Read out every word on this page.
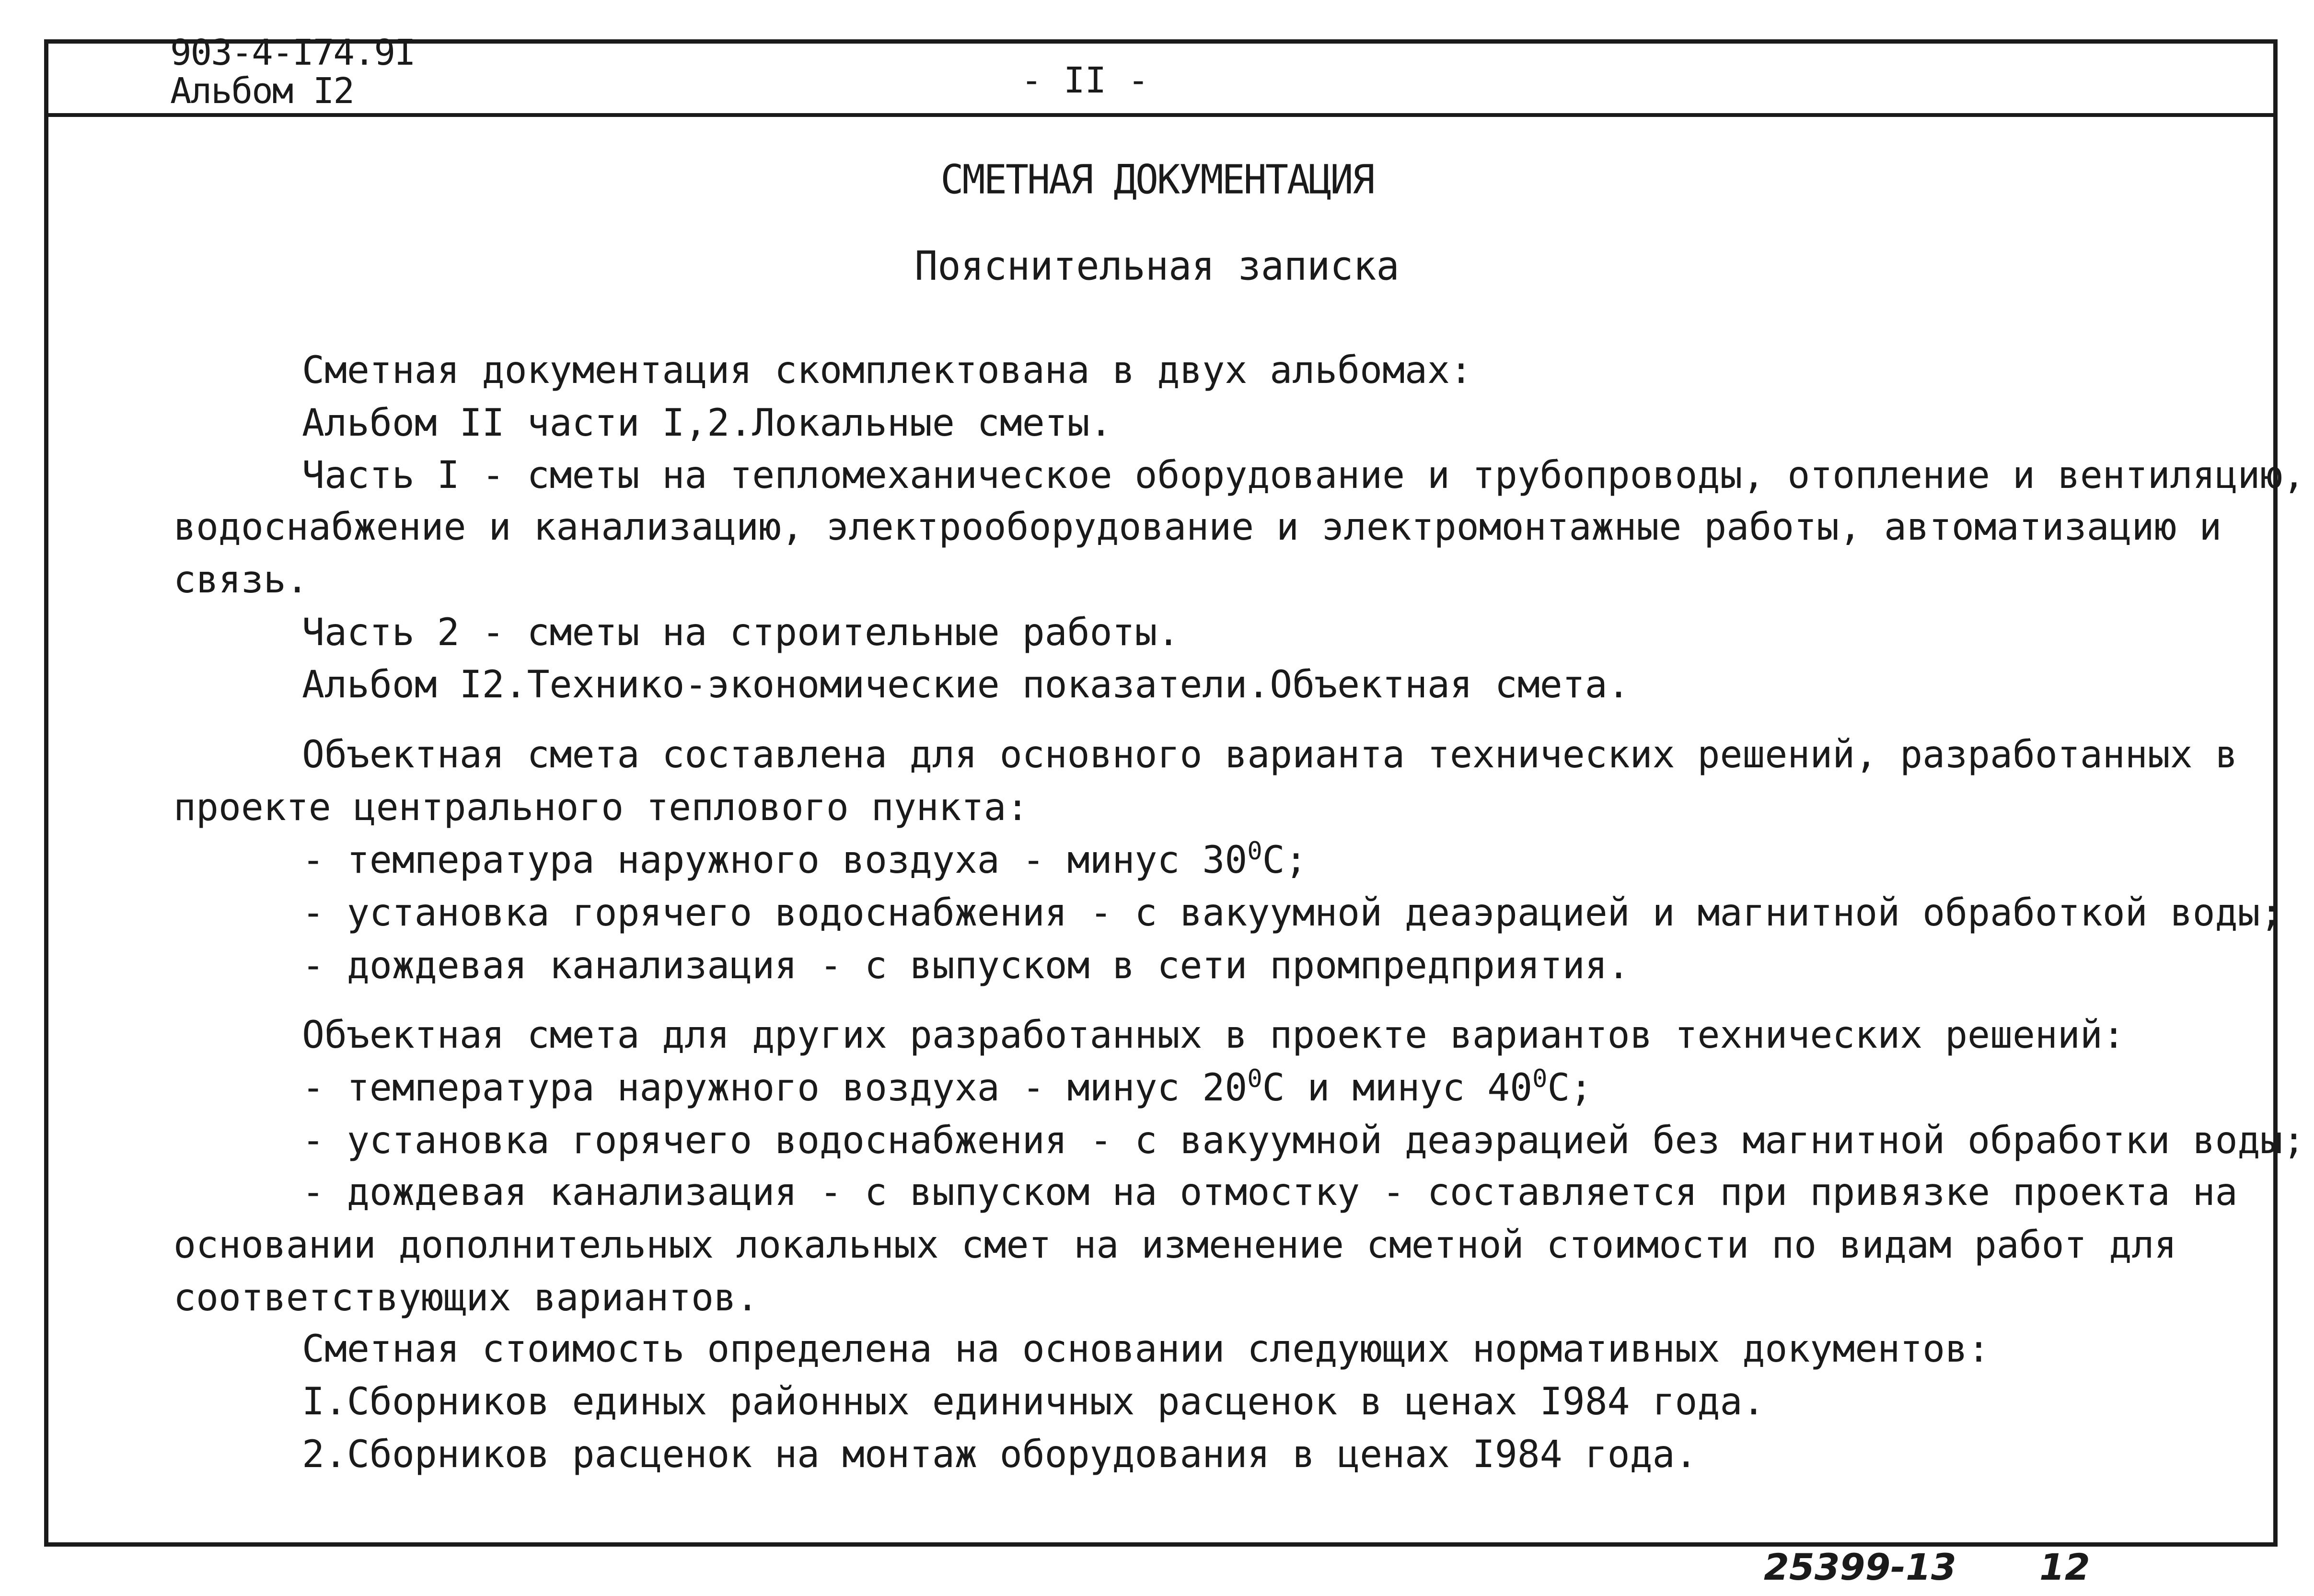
903-4-I74.9I
Альбом I2	- II -
СМЕТНАЯ ДОКУМЕНТАЦИЯ
Пояснительная записка
Сметная документация скомплектована в двух альбомах:
Альбом II части I,2.Локальные сметы.
Часть I - сметы на тепломеханическое оборудование и трубопроводы, отопление и вентиляцию,
водоснабжение и канализацию, электрооборудование и электромонтажные работы, автоматизацию и
связь.
Часть 2 - сметы на строительные работы.
Альбом I2.Технико-экономические показатели.Объектная смета.
Объектная смета составлена для основного варианта технических решений, разработанных в
проекте центрального теплового пункта:
- температура наружного воздуха - минус $30^0С$;
- установка горячего водоснабжения - с вакуумной деаэрацией и магнитной обработкой воды;
- дождевая канализация - с выпуском в сети промпредприятия.
Объектная смета для других разработанных в проекте вариантов технических решений:
- температура наружного воздуха - минус $20^0С$ и минус $40^0С$;
- установка горячего водоснабжения - с вакуумной деаэрацией без магнитной обработки воды;
- дождевая канализация - с выпуском на отмостку - составляется при привязке проекта на
основании дополнительных локальных смет на изменение сметной стоимости по видам работ для
соответствующих вариантов.
Сметная стоимость определена на основании следующих нормативных документов:
I.Сборников единых районных единичных расценок в ценах I984 года.
2.Сборников расценок на монтаж оборудования в ценах I984 года.
25399-13 12
